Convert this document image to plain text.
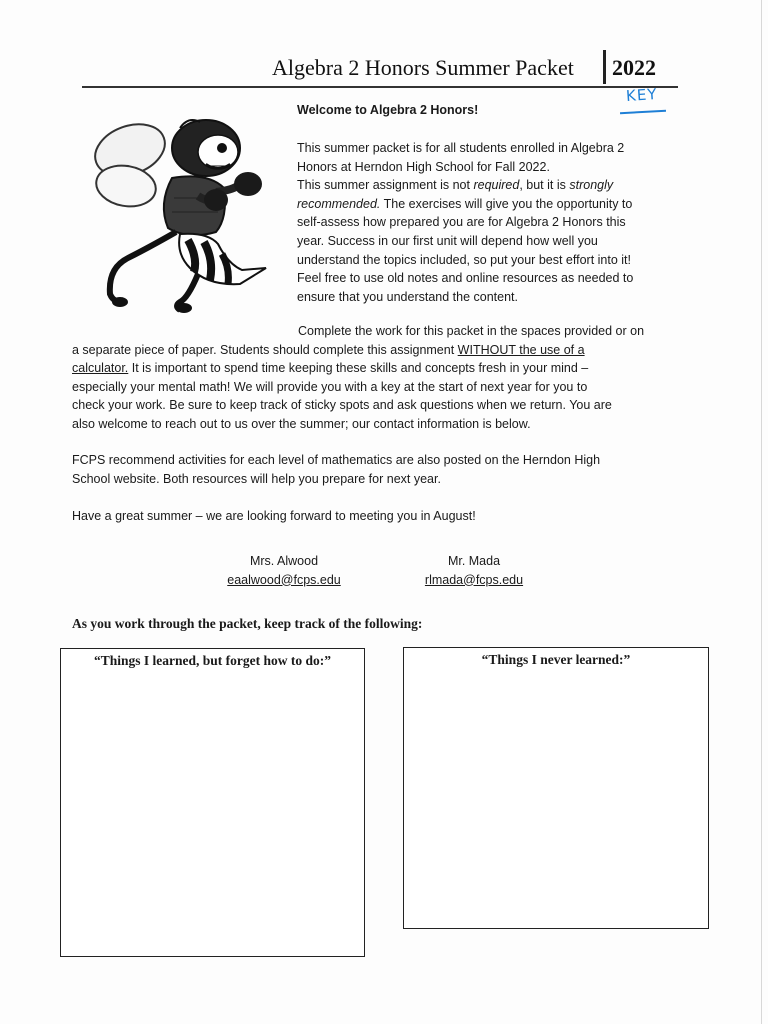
Algebra 2 Honors Summer Packet 2022
KEY
Welcome to Algebra 2 Honors!

This summer packet is for all students enrolled in Algebra 2

Honors at Herndon High School for Fall 2022.

This summer assignment is not required, but it is strongly

recommended. The exercises will give you the opportunity to

self-assess how prepared you are for Algebra 2 Honors this

year. Success in our first unit will depend how well you

understand the topics included, so put your best effort into it!

Feel free to use old notes and online resources as needed to

ensure that you understand the content.

Complete the work for this packet in the spaces provided or on
a separate piece of paper. Students should complete this assignment WITHOUT the use of a
calculator. It is important to spend time keeping these skills and concepts fresh in your mind –
especially your mental math! We will provide you with a key at the start of next year for you to
check your work. Be sure to keep track of sticky spots and ask questions when we return. You are
also welcome to reach out to us over the summer; our contact information is below.
FCPS recommend activities for each level of mathematics are also posted on the Herndon High
School website. Both resources will help you prepare for next year.
Have a great summer – we are looking forward to meeting you in August!
Mrs. Alwood
eaalwood@fcps.edu
Mr. Mada
rlmada@fcps.edu
As you work through the packet, keep track of the following:
“Things I learned, but forget how to do:”	“Things I never learned:”
